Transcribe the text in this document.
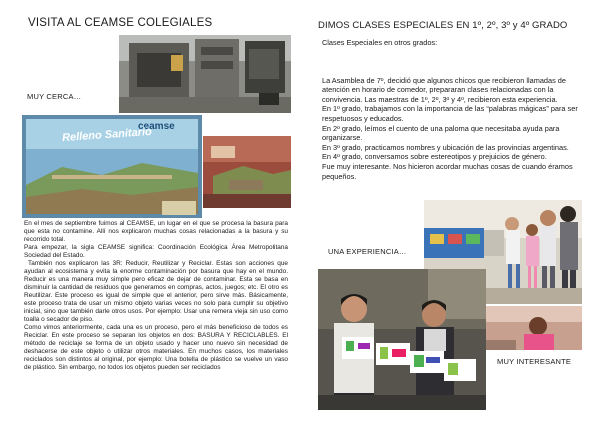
VISITA AL CEAMSE COLEGIALES
MUY CERCA…
ceamse
Relleno Sanitario

En el mes de septiembre fuimos al CEAMSE, un lugar en el que se procesa la basura para que esta no contamine. Allí nos explicaron muchas cosas relacionadas a la basura y su recorrido total.

Para empezar, la sigla CEAMSE significa: Coordinación Ecológica Área Metropolitana Sociedad del Estado.

También nos explicaron las 3R: Reducir, Reutilizar y Reciclar. Estas son acciones que ayudan al ecosistema y evita la enorme contaminación por basura que hay en el mundo. Reducir es una manera muy simple pero eficaz de dejar de contaminar. Esta se basa en disminuir la cantidad de residuos que generamos en compras, actos, juegos; etc. El otro es Reutilizar. Este proceso es igual de simple que el anterior, pero sirve más. Básicamente, este proceso trata de usar un mismo objeto varias veces no solo para cumplir su objetivo inicial, sino que también darle otros usos. Por ejemplo: Usar una remera vieja sin uso como toalla o secador de piso.

Como vimos anteriormente, cada una es un proceso, pero el más beneficioso de todos es Reciclar. En este proceso se separan los objetos en dos: BASURA Y RECICLABLES. El método de reciclaje se forma de un objeto usado y hacer uno nuevo sin necesidad de deshacerse de este objeto o utilizar otros materiales. En muchos casos, los materiales reciclados son distintos al original, por ejemplo: Una botella de plástico se vuelve un vaso de plástico. Sin embargo, no todos los objetos pueden ser reciclados

DIMOS CLASES ESPECIALES EN 1º, 2º, 3º y 4º GRADO

Clases Especiales en otros grados:

La Asamblea de 7º, decidió que algunos chicos que recibieron llamadas de atención en horario de comedor, prepararan clases relacionadas con la convivencia. Las maestras de 1º, 2º, 3º y 4º, recibieron esta experiencia.

En 1º grado, trabajamos con la importancia de las “palabras mágicas” para ser respetuosos y educados.

En 2º grado, leímos el cuento de una paloma que necesitaba ayuda para organizarse.

En 3º grado, practicamos nombres y ubicación de las provincias argentinas.

En 4º grado, conversamos sobre estereotipos y prejuicios de género.

Fue muy interesante. Nos hicieron acordar muchas cosas de cuando éramos pequeños.

UNA EXPERIENCIA…
MUY INTERESANTE
